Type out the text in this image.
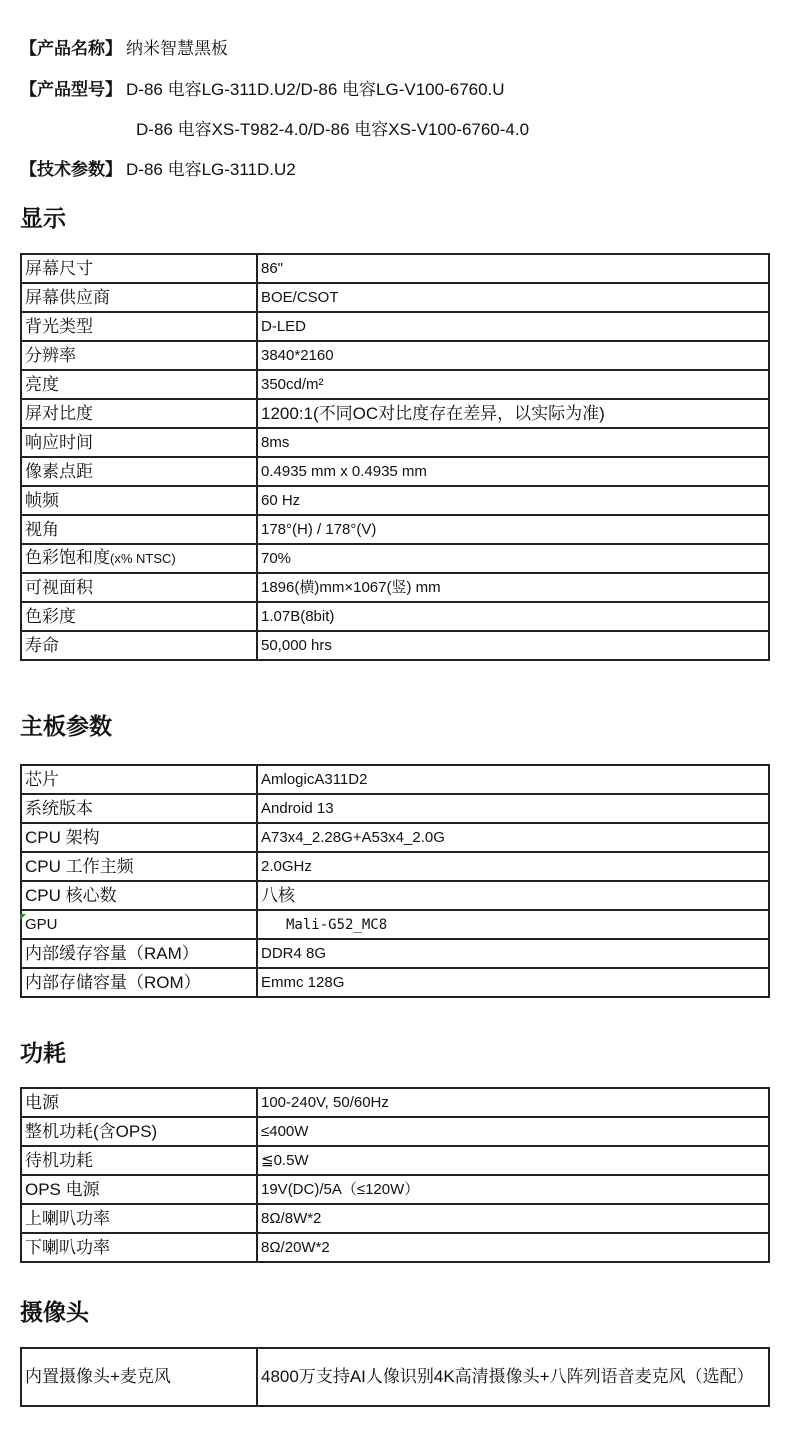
【产品名称】 纳米智慧黑板
【产品型号】 D-86 电容LG-311D.U2/D-86 电容LG-V100-6760.U
D-86 电容XS-T982-4.0/D-86 电容XS-V100-6760-4.0
【技术参数】 D-86 电容LG-311D.U2
显示
屏幕尺寸	86"
屏幕供应商	BOE/CSOT
背光类型	D-LED
分辨率	3840*2160
亮度	350cd/m²
屏对比度	1200:1(不同OC对比度存在差异，以实际为准)
响应时间	8ms
像素点距	0.4935 mm x 0.4935 mm
帧频	60 Hz
视角	178°(H) / 178°(V)
色彩饱和度(x% NTSC)	70%
可视面积	1896(横)mm×1067(竖) mm
色彩度	1.07B(8bit)
寿命	50,000 hrs
主板参数
芯片	AmlogicA311D2
系统版本	Android 13
CPU 架构	A73x4_2.28G+A53x4_2.0G
CPU 工作主频	2.0GHz
CPU 核心数	八核
GPU	Mali-G52_MC8
内部缓存容量（RAM）	DDR4 8G
内部存储容量（ROM）	Emmc 128G
功耗
电源	100-240V, 50/60Hz
整机功耗(含OPS)	≤400W
待机功耗	≦0.5W
OPS 电源	19V(DC)/5A（≤120W）
上喇叭功率	8Ω/8W*2
下喇叭功率	8Ω/20W*2
摄像头
内置摄像头+麦克风	4800万支持AI人像识别4K高清摄像头+八阵列语音麦克风（选配）
